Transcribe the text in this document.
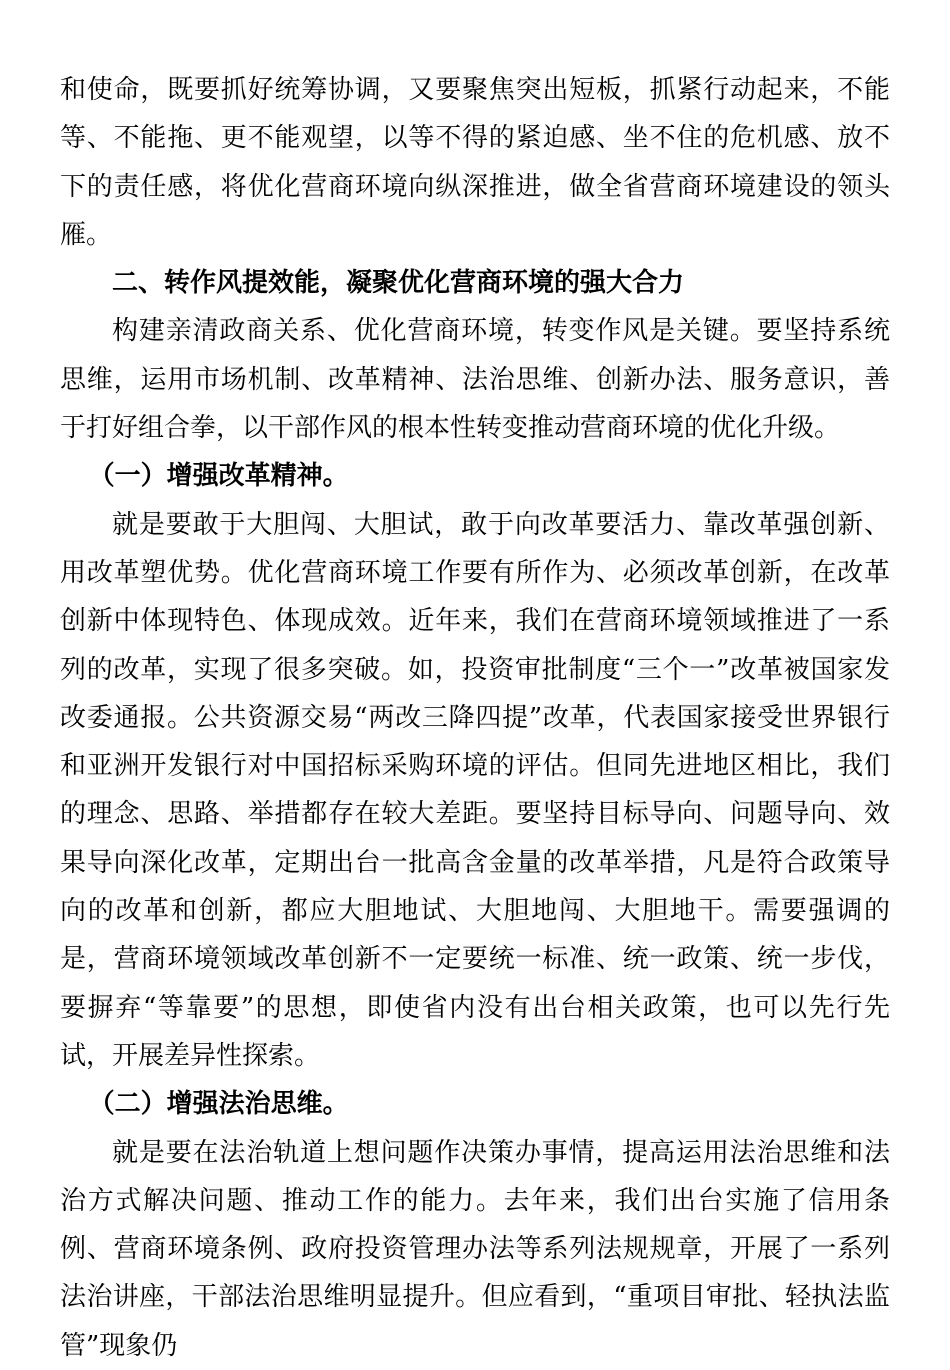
和使命，既要抓好统筹协调，又要聚焦突出短板，抓紧行动起来，不能等、不能拖、更不能观望，以等不得的紧迫感、坐不住的危机感、放不下的责任感，将优化营商环境向纵深推进，做全省营商环境建设的领头雁。

二、转作风提效能，凝聚优化营商环境的强大合力

构建亲清政商关系、优化营商环境，转变作风是关键。要坚持系统思维，运用市场机制、改革精神、法治思维、创新办法、服务意识，善于打好组合拳，以干部作风的根本性转变推动营商环境的优化升级。

（一）增强改革精神。

就是要敢于大胆闯、大胆试，敢于向改革要活力、靠改革强创新、用改革塑优势。优化营商环境工作要有所作为、必须改革创新，在改革创新中体现特色、体现成效。近年来，我们在营商环境领域推进了一系列的改革，实现了很多突破。如，投资审批制度“三个一”改革被国家发改委通报。公共资源交易“两改三降四提”改革，代表国家接受世界银行和亚洲开发银行对中国招标采购环境的评估。但同先进地区相比，我们的理念、思路、举措都存在较大差距。要坚持目标导向、问题导向、效果导向深化改革，定期出台一批高含金量的改革举措，凡是符合政策导向的改革和创新，都应大胆地试、大胆地闯、大胆地干。需要强调的是，营商环境领域改革创新不一定要统一标准、统一政策、统一步伐，要摒弃“等靠要”的思想，即使省内没有出台相关政策，也可以先行先试，开展差异性探索。

（二）增强法治思维。

就是要在法治轨道上想问题作决策办事情，提高运用法治思维和法治方式解决问题、推动工作的能力。去年来，我们出台实施了信用条例、营商环境条例、政府投资管理办法等系列法规规章，开展了一系列法治讲座，干部法治思维明显提升。但应看到，“重项目审批、轻执法监管”现象仍
